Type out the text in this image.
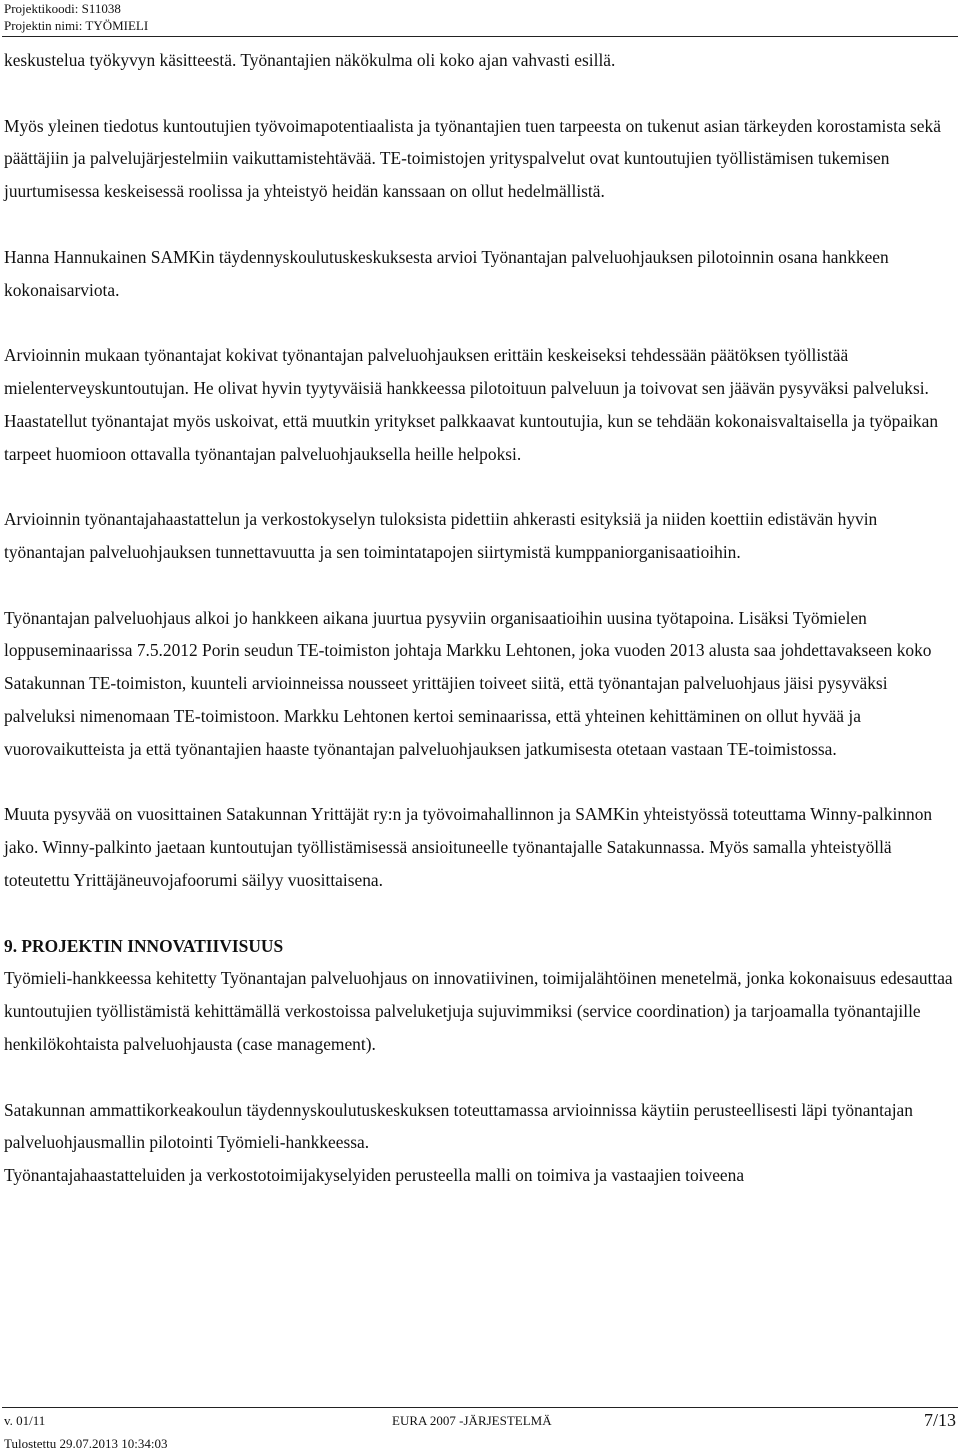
Projektikoodi: S11038
Projektin nimi: TYÖMIELI

keskustelua työkyvyn käsitteestä. Työnantajien näkökulma oli koko ajan vahvasti esillä.

Myös yleinen tiedotus kuntoutujien työvoimapotentiaalista ja työnantajien tuen tarpeesta on tukenut asian tärkeyden korostamista sekä päättäjiin ja palvelujärjestelmiin vaikuttamistehtävää. TE-toimistojen yrityspalvelut ovat kuntoutujien työllistämisen tukemisen juurtumisessa keskeisessä roolissa ja yhteistyö heidän kanssaan on ollut hedelmällistä.

Hanna Hannukainen SAMKin täydennyskoulutuskeskuksesta arvioi Työnantajan palveluohjauksen pilotoinnin osana hankkeen kokonaisarviota.

Arvioinnin mukaan työnantajat kokivat työnantajan palveluohjauksen erittäin keskeiseksi tehdessään päätöksen työllistää mielenterveyskuntoutujan. He olivat hyvin tyytyväisiä hankkeessa pilotoituun palveluun ja toivovat sen jäävän pysyväksi palveluksi. Haastatellut työnantajat myös uskoivat, että muutkin yritykset palkkaavat kuntoutujia, kun se tehdään kokonaisvaltaisella ja työpaikan tarpeet huomioon ottavalla työnantajan palveluohjauksella heille helpoksi.

Arvioinnin työnantajahaastattelun ja verkostokyselyn tuloksista pidettiin ahkerasti esityksiä ja niiden koettiin edistävän hyvin työnantajan palveluohjauksen tunnettavuutta ja sen toimintatapojen siirtymistä kumppaniorganisaatioihin.

Työnantajan palveluohjaus alkoi jo hankkeen aikana juurtua pysyviin organisaatioihin uusina työtapoina. Lisäksi Työmielen loppuseminaarissa 7.5.2012 Porin seudun TE-toimiston johtaja Markku Lehtonen, joka vuoden 2013 alusta saa johdettavakseen koko Satakunnan TE-toimiston, kuunteli arvioinneissa nousseet yrittäjien toiveet siitä, että työnantajan palveluohjaus jäisi pysyväksi palveluksi nimenomaan TE-toimistoon. Markku Lehtonen kertoi seminaarissa, että yhteinen kehittäminen on ollut hyvää ja vuorovaikutteista ja että työnantajien haaste työnantajan palveluohjauksen jatkumisesta otetaan vastaan TE-toimistossa.

Muuta pysyvää on vuosittainen Satakunnan Yrittäjät ry:n ja työvoimahallinnon ja SAMKin yhteistyössä toteuttama Winny-palkinnon jako. Winny-palkinto jaetaan kuntoutujan työllistämisessä ansioituneelle työnantajalle Satakunnassa. Myös samalla yhteistyöllä toteutettu Yrittäjäneuvojafoorumi säilyy vuosittaisena.

9. PROJEKTIN INNOVATIIVISUUS

Työmieli-hankkeessa kehitetty Työnantajan palveluohjaus on innovatiivinen, toimijalähtöinen menetelmä, jonka kokonaisuus edesauttaa kuntoutujien työllistämistä kehittämällä verkostoissa palveluketjuja sujuvimmiksi (service coordination) ja tarjoamalla työnantajille henkilökohtaista palveluohjausta (case management).

Satakunnan ammattikorkeakoulun täydennyskoulutuskeskuksen toteuttamassa arvioinnissa käytiin perusteellisesti läpi työnantajan palveluohjausmallin pilotointi Työmieli-hankkeessa.

Työnantajahaastatteluiden ja verkostotoimijakyselyiden perusteella malli on toimiva ja vastaajien toiveena

v. 01/11	EURA 2007 -JÄRJESTELMÄ	7/13
Tulostettu 29.07.2013 10:34:03
